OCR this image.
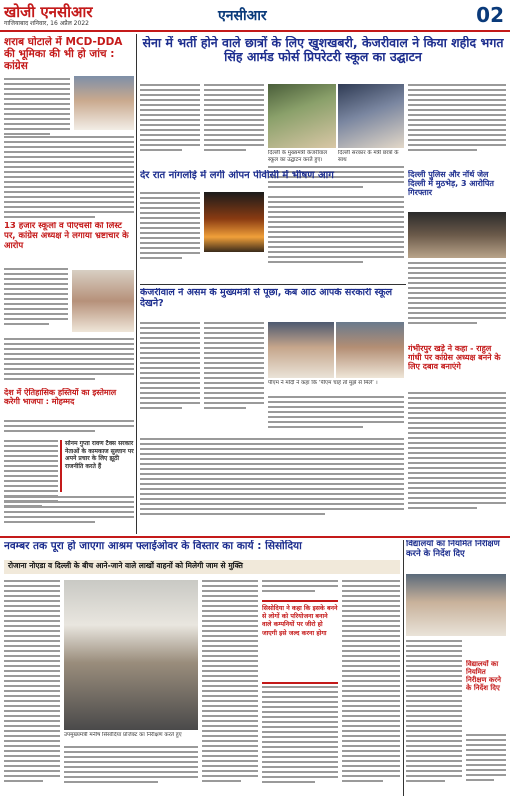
खोजी एनसीआर
गाजियाबाद शनिवार, 16 अप्रैल 2022	एनसीआर	02
शराब घोटाले में MCD-DDA की भूमिका की भी हो जांच : कांग्रेस
13 हजार स्कूलों व पीएचसी की लिस्ट पर, कांग्रेस अध्यक्ष ने लगाया भ्रष्टाचार के आरोप
देश में ऐतिहासिक हस्तियों का इस्तेमाल करेगी भाजपा : मोहम्मद
सोनम गुप्ता रावण टैक्स सरकार नेताओं के कामकाज सुल्तान पर अपने प्रचार के लिए झूठी राजनीति करते हैं
सेना में भर्ती होने वाले छात्रों के लिए खुशखबरी, केजरीवाल ने किया शहीद भगत सिंह आर्मड फोर्स प्रिपरेटरी स्कूल का उद्घाटन
दिल्ली के मुख्यमंत्री केजरीवाल स्कूल का उद्घाटन करते हुए।
दिल्ली सरकार के मंत्री छात्रों के साथ
देर रात नांगलोई में लगी ओपन पीवीसी में भीषण आग	दिल्ली पुलिस और नॉर्थ जेल दिल्ली में मुठभेड़, 3 आरोपित गिरफ्तार
केजरीवाल ने असम के मुख्यमंत्री से पूछा, कब आठ आपके सरकारी स्कूल देखने?
पीएम ने मोदी ने कहा कि ‘पीएम चाहें तो मुझे से मिलें’ ।
गंभीरपुर खड़े ने कहा - राहुल गांधी पर कांग्रेस अध्यक्ष बनने के लिए दबाव बनाएंगे
नवम्बर तक पूरा हो जाएगा आश्रम फ्लाईओवर के विस्तार का कार्य : सिसोदिया
रोजाना नोएडा व दिल्ली के बीच आने-जाने वाले लाखों वाहनों को मिलेगी जाम से मुक्ति
उपमुख्यमंत्री मनीष सिसोदिया प्रोजेक्ट का निरीक्षण करते हुए
सिसोदिया ने कहा कि इसके बनने से लोगों को परियोजना बनाने वाले कम्पनियों पर जीरो हो जाएगी इसे जल्द करना होगा
विद्यालयों का नियमित निरीक्षण करने के निर्देश दिए
विद्यालयों का नियमित निरीक्षण करने के निर्देश दिए
